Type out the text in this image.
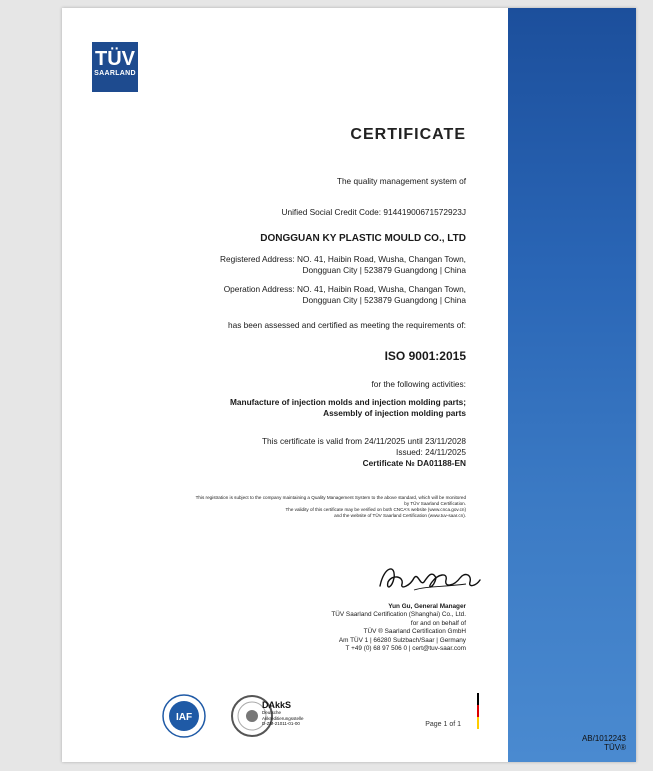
AB/1012243
TÜV®
TÜV
SAARLAND
CERTIFICATE
The quality management system of
Unified Social Credit Code: 91441900671572923J
DONGGUAN KY PLASTIC MOULD CO., LTD
Registered Address: NO. 41, Haibin Road, Wusha, Changan Town,
Dongguan City | 523879 Guangdong | China
Operation Address: NO. 41, Haibin Road, Wusha, Changan Town,
Dongguan City | 523879 Guangdong | China
has been assessed and certified as meeting the requirements of:
ISO 9001:2015
for the following activities:
Manufacture of injection molds and injection molding parts;
Assembly of injection molding parts
This certificate is valid from 24/11/2025 until 23/11/2028
Issued: 24/11/2025
Certificate № DA01188-EN
This registration is subject to the company maintaining a Quality Management System to the above standard, which will be monitored
by TÜV Saarland Certification.
The validity of this certificate may be verified on both CNCA's website (www.cnca.gov.cn)
and the website of TÜV Saarland Certification (www.tuv-saar.cn).
Yun Gu, General Manager
TÜV Saarland Certification (Shanghai) Co., Ltd.
for and on behalf of
TÜV ® Saarland Certification GmbH
Am TÜV 1 | 66280 Sulzbach/Saar | Germany
T +49 (0) 68 97 506 0 | cert@tuv-saar.com
IAF
DAkkS
Deutsche
Akkreditierungsstelle
D-ZM-21011-01-00	Page 1 of 1
